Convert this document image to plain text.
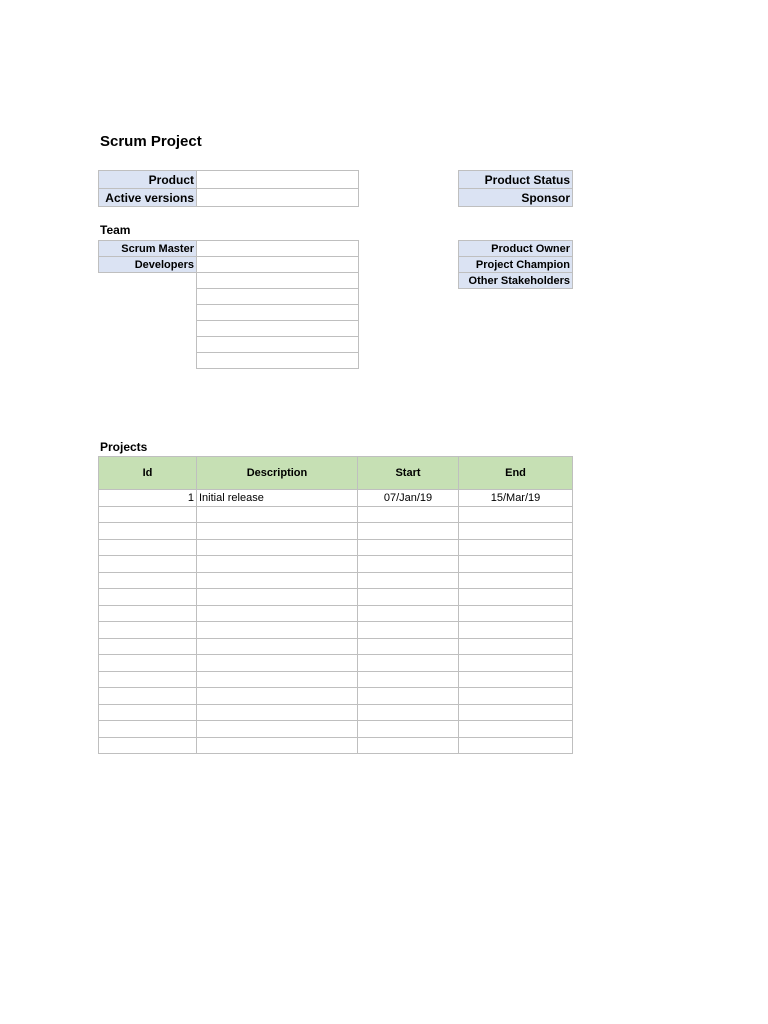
Scrum Project
Product	
Active versions	
Product Status
Sponsor
Team
Scrum Master	
Developers	

Product Owner
Project Champion
Other Stakeholders
Projects
Id	Description	Start	End
1	Initial release	07/Jan/19	15/Mar/19
